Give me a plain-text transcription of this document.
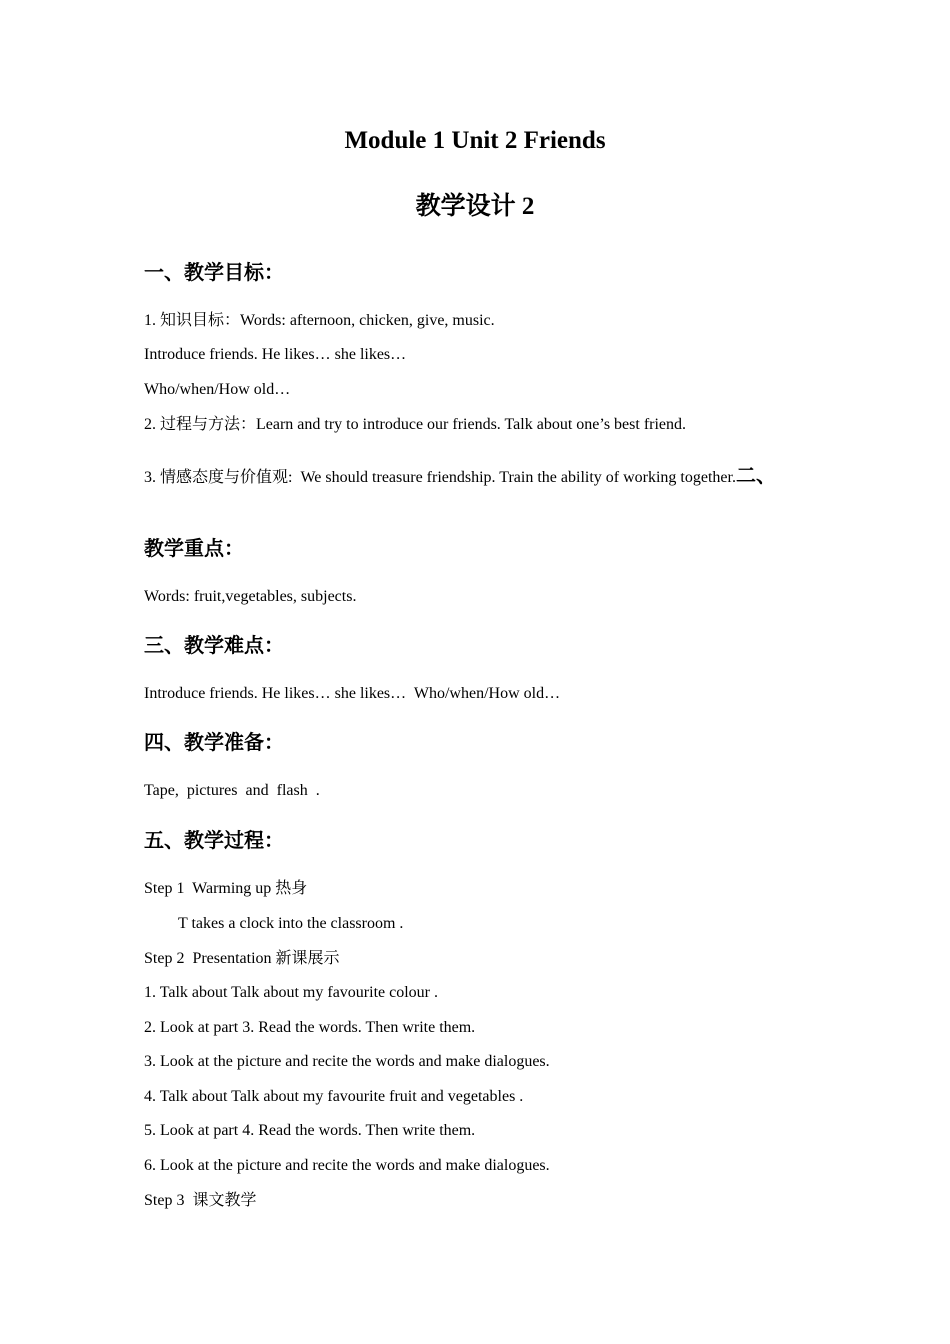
Module 1 Unit 2 Friends
教学设计 2
一、教学目标：
1. 知识目标：Words: afternoon, chicken, give, music.
Introduce friends. He likes… she likes…
Who/when/How old…
2. 过程与方法：Learn and try to introduce our friends. Talk about one’s best friend.
3. 情感态度与价值观:  We should treasure friendship. Train the ability of working together.二、
教学重点：
Words: fruit,vegetables, subjects.
三、教学难点：
Introduce friends. He likes… she likes…  Who/when/How old…
四、教学准备：
Tape,  pictures  and  flash  .
五、教学过程：
Step 1  Warming up 热身
T takes a clock into the classroom .
Step 2  Presentation 新课展示
1. Talk about Talk about my favourite colour .
2. Look at part 3. Read the words. Then write them.
3. Look at the picture and recite the words and make dialogues.
4. Talk about Talk about my favourite fruit and vegetables .
5. Look at part 4. Read the words. Then write them.
6. Look at the picture and recite the words and make dialogues.
Step 3  课文教学
